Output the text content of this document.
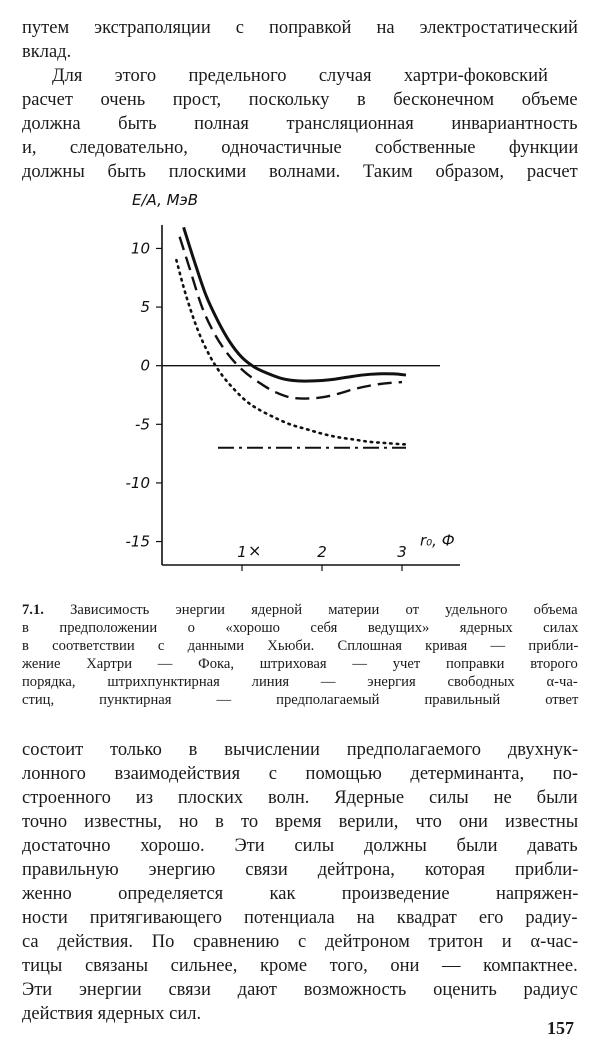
путем экстраполяции с поправкой на электростатический
вклад.
Для этого предельного случая хартри-фоковский
расчет очень прост, поскольку в бесконечном объеме
должна быть полная трансляционная инвариантность
и, следовательно, одночастичные собственные функции
должны быть плоскими волнами. Таким образом, расчет
10
5
0
-5
-10
-15
1	2	3
E/A, МэВ
r₀, Ф
×
7.1. Зависимость энергии ядерной материи от удельного объема
в предположении о «хорошо себя ведущих» ядерных силах
в соответствии с данными Хьюби. Сплошная кривая — прибли-
жение Хартри — Фока, штриховая — учет поправки второго
порядка, штрихпунктирная линия — энергия свободных α-ча-
стиц, пунктирная — предполагаемый правильный ответ
состоит только в вычислении предполагаемого двухнук-
лонного взаимодействия с помощью детерминанта, по-
строенного из плоских волн. Ядерные силы не были
точно известны, но в то время верили, что они известны
достаточно хорошо. Эти силы должны были давать
правильную энергию связи дейтрона, которая прибли-
женно определяется как произведение напряжен-
ности притягивающего потенциала на квадрат его радиу-
са действия. По сравнению с дейтроном тритон и α-час-
тицы связаны сильнее, кроме того, они — компактнее.
Эти энергии связи дают возможность оценить радиус
действия ядерных сил.
157
